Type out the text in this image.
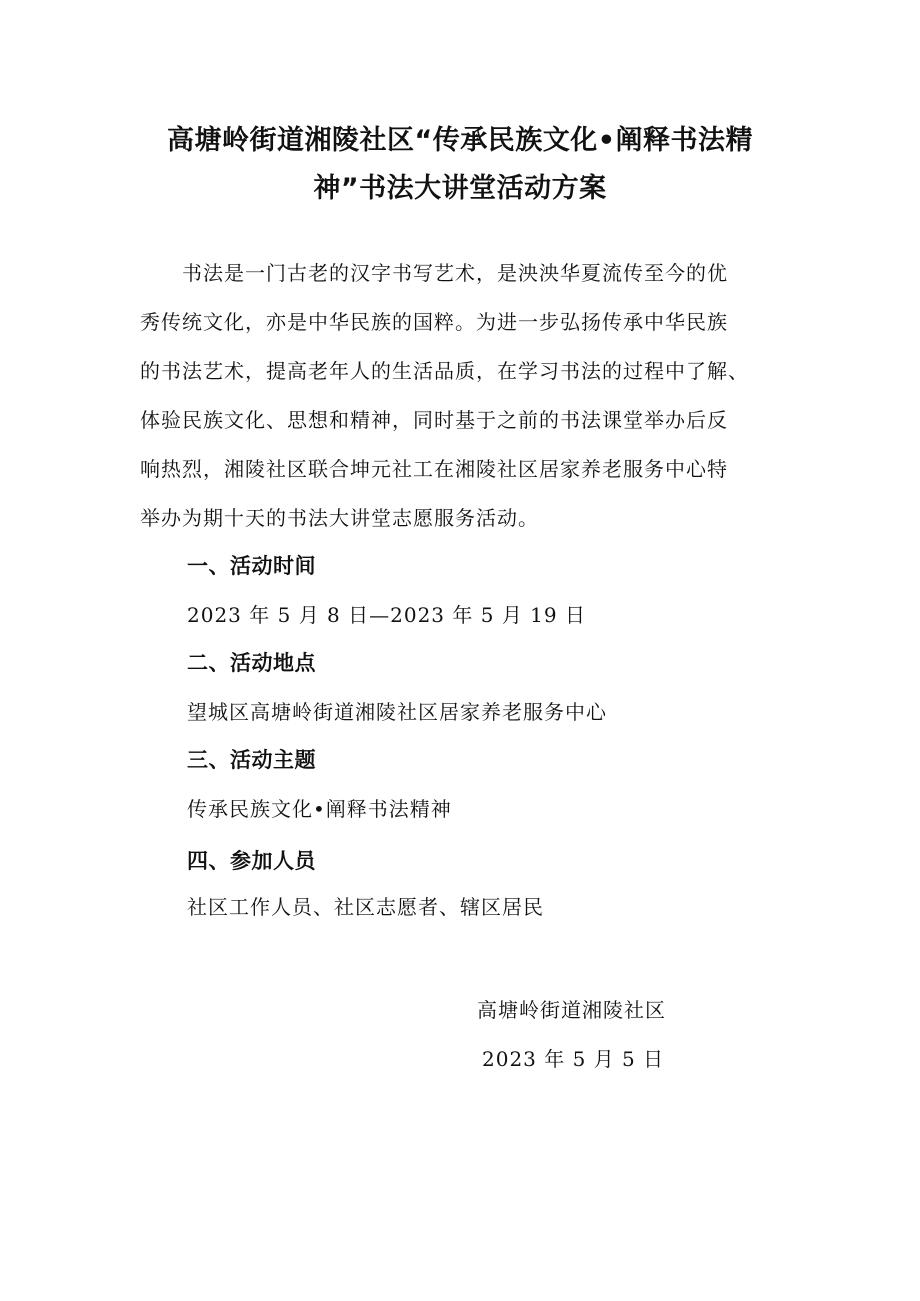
高塘岭街道湘陵社区“传承民族文化•阐释书法精
神”书法大讲堂活动方案
　　书法是一门古老的汉字书写艺术，是泱泱华夏流传至今的优
秀传统文化，亦是中华民族的国粹。为进一步弘扬传承中华民族
的书法艺术，提高老年人的生活品质，在学习书法的过程中了解、
体验民族文化、思想和精神，同时基于之前的书法课堂举办后反
响热烈，湘陵社区联合坤元社工在湘陵社区居家养老服务中心特
举办为期十天的书法大讲堂志愿服务活动。
一、活动时间
2023 年 5 月 8 日—2023 年 5 月 19 日
二、活动地点
望城区高塘岭街道湘陵社区居家养老服务中心
三、活动主题
传承民族文化•阐释书法精神
四、参加人员
社区工作人员、社区志愿者、辖区居民
高塘岭街道湘陵社区
2023 年 5 月 5 日
